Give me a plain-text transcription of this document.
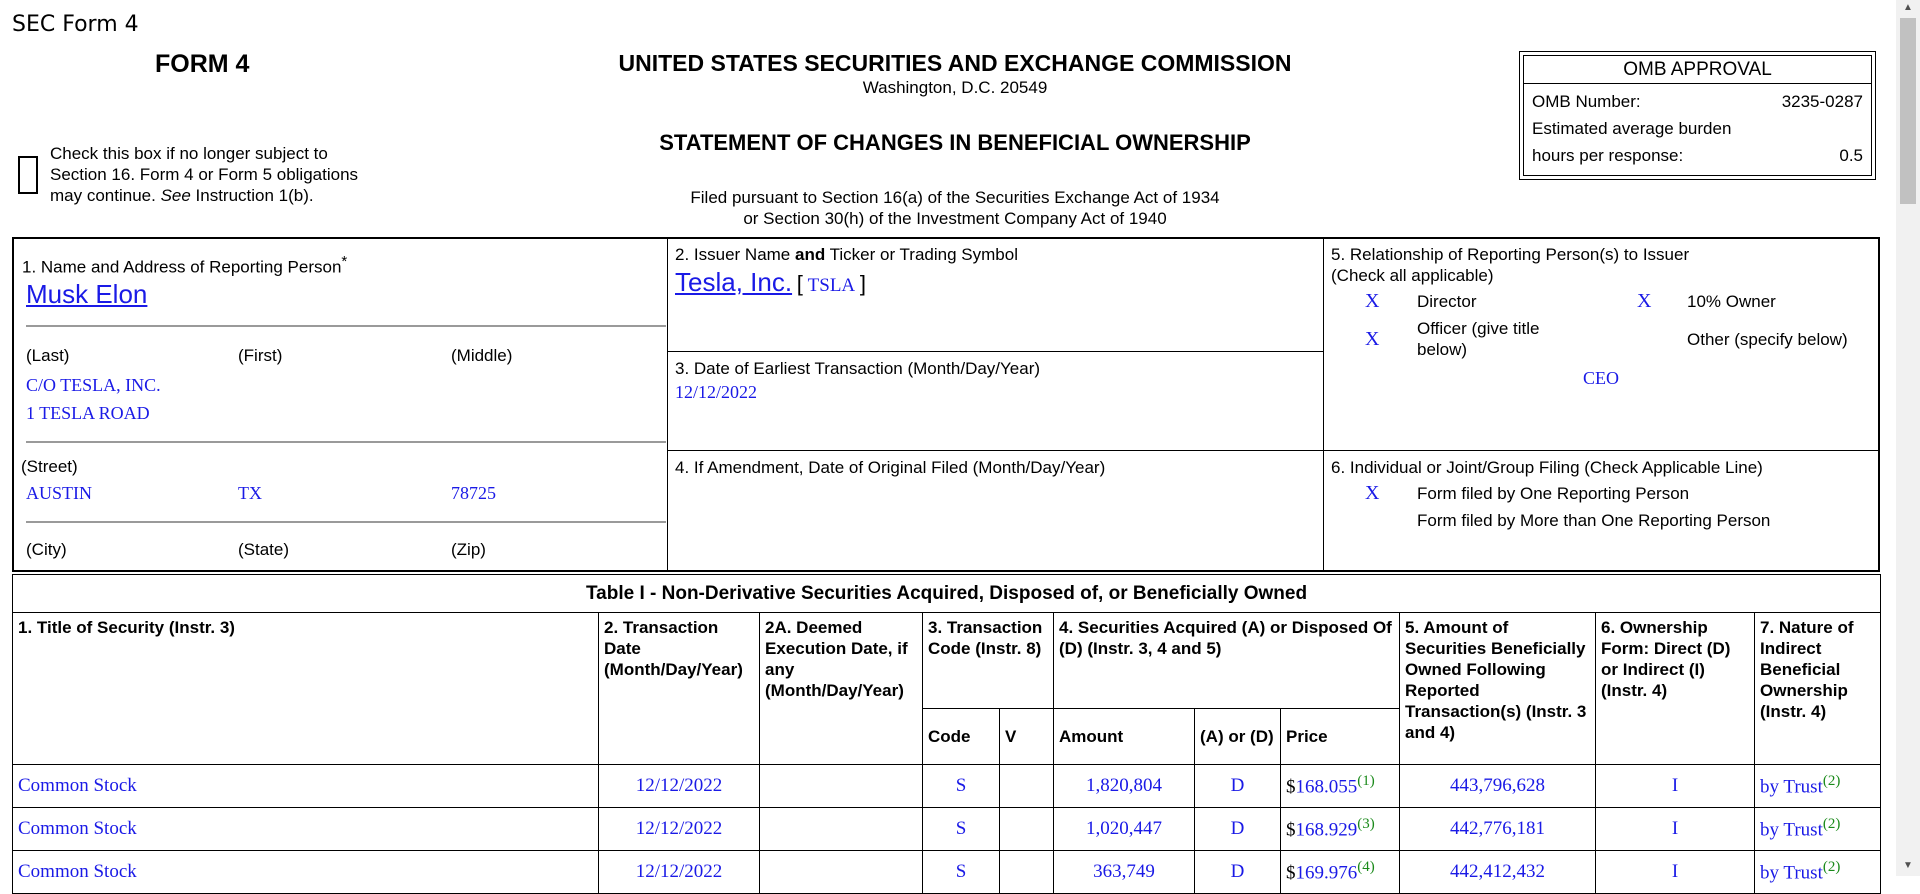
SEC Form 4
FORM 4	UNITED STATES SECURITIES AND EXCHANGE COMMISSION
Washington, D.C. 20549
STATEMENT OF CHANGES IN BENEFICIAL OWNERSHIP
Filed pursuant to Section 16(a) of the Securities Exchange Act of 1934
or Section 30(h) of the Investment Company Act of 1940
Check this box if no longer subject to
Section 16. Form 4 or Form 5 obligations
may continue. See Instruction 1(b).
OMB APPROVAL
OMB Number:	3235-0287
Estimated average burden
hours per response:	0.5
1. Name and Address of Reporting Person*
Musk Elon
(Last)	(First)	(Middle)
C/O TESLA, INC.
1 TESLA ROAD
(Street)
AUSTIN	TX	78725
(City)	(State)	(Zip)
2. Issuer Name and Ticker or Trading Symbol
Tesla, Inc. [ TSLA ]
3. Date of Earliest Transaction (Month/Day/Year)
12/12/2022
4. If Amendment, Date of Original Filed (Month/Day/Year)
5. Relationship of Reporting Person(s) to Issuer
(Check all applicable)
X Director	X 10% Owner
X Officer (give title
below)
Other (specify below)
CEO
6. Individual or Joint/Group Filing (Check Applicable Line)
X Form filed by One Reporting Person
Form filed by More than One Reporting Person
Table I - Non-Derivative Securities Acquired, Disposed of, or Beneficially Owned										
1. Title of Security (Instr. 3)	2. Transaction Date (Month/Day/Year)	2A. Deemed Execution Date, if any (Month/Day/Year)	3. Transaction Code (Instr. 8)		4. Securities Acquired (A) or Disposed Of (D) (Instr. 3, 4 and 5)			5. Amount of Securities Beneficially Owned Following Reported Transaction(s) (Instr. 3 and 4)	6. Ownership Form: Direct (D) or Indirect (I) (Instr. 4)	7. Nature of Indirect Beneficial Ownership (Instr. 4)
			Code	V	Amount	(A) or (D)	Price			
Common Stock	12/12/2022		S		1,820,804	D	$168.055$^{(1)}$	443,796,628	I	by Trust$^{(2)}$
Common Stock	12/12/2022		S		1,020,447	D	$168.929$^{(3)}$	442,776,181	I	by Trust$^{(2)}$
Common Stock	12/12/2022		S		363,749	D	$169.976$^{(4)}$	442,412,432	I	by Trust$^{(2)}$
▲
▼
